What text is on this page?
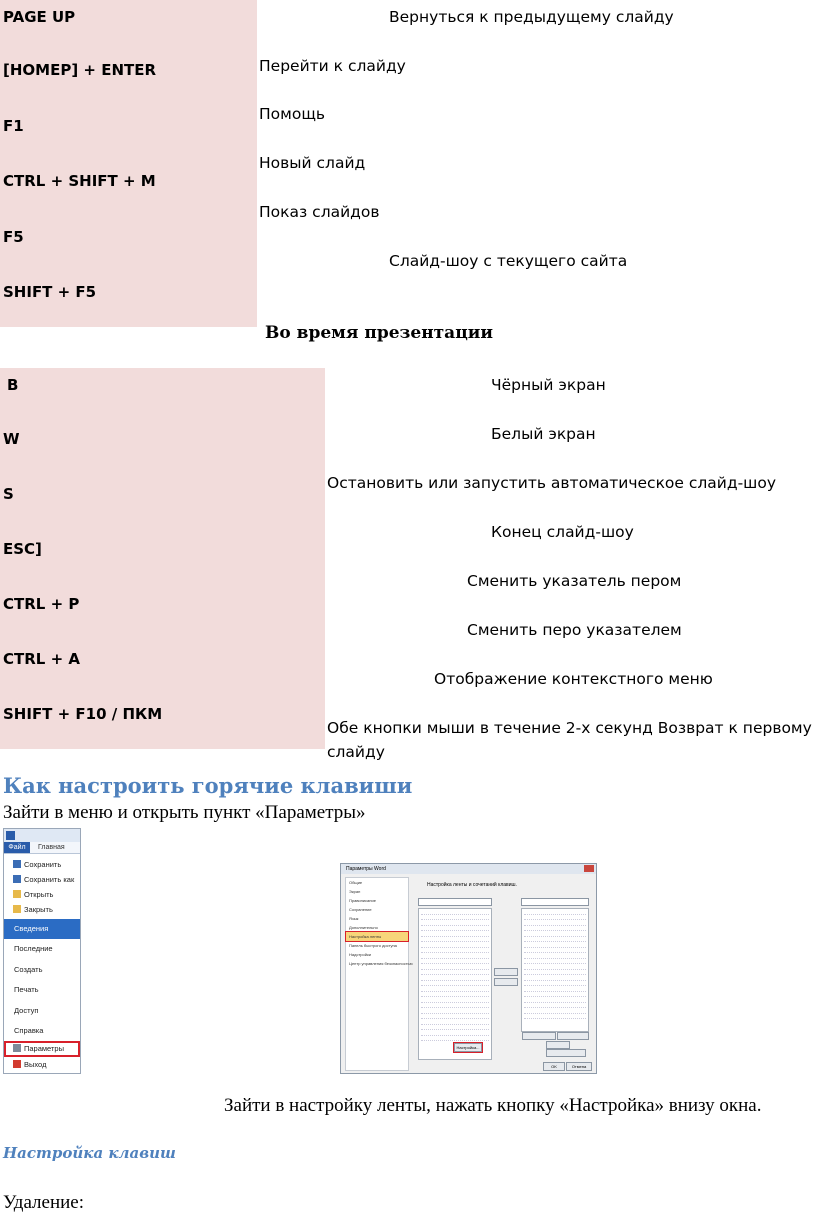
PAGE UP
[НОМЕР] + ENTER
F1
CTRL + SHIFT + M
F5
SHIFT + F5
Вернуться к предыдущему слайду
Перейти к слайду
Помощь
Новый слайд
Показ слайдов
Слайд-шоу с текущего сайта
Во время презентации
B
W
S
ESC]
CTRL + P
CTRL + A
SHIFT + F10 / ПКМ
Чёрный экран
Белый экран
Остановить или запустить автоматическое слайд-шоу
Конец слайд-шоу
Сменить указатель пером
Сменить перо указателем
Отображение контекстного меню
Обе кнопки мыши в течение 2-х секунд Возврат к первому
слайду
Как настроить горячие клавиши
Зайти в меню и открыть пункт «Параметры»
Файл	Главная
Сохранить
Сохранить как
Открыть
Закрыть
Сведения
Последние
Создать
Печать
Доступ
Справка
Параметры
Выход
Параметры Word
Общие
Экран
Правописание
Сохранение
Язык
Дополнительно
Настройка ленты
Панель быстрого доступа
Надстройки
Центр управления безопасностью
Настройка ленты и сочетаний клавиш.
Настройка...
OK	Отмена
Зайти в настройку ленты, нажать кнопку «Настройка» внизу окна.
Настройка клавиш
Удаление:
